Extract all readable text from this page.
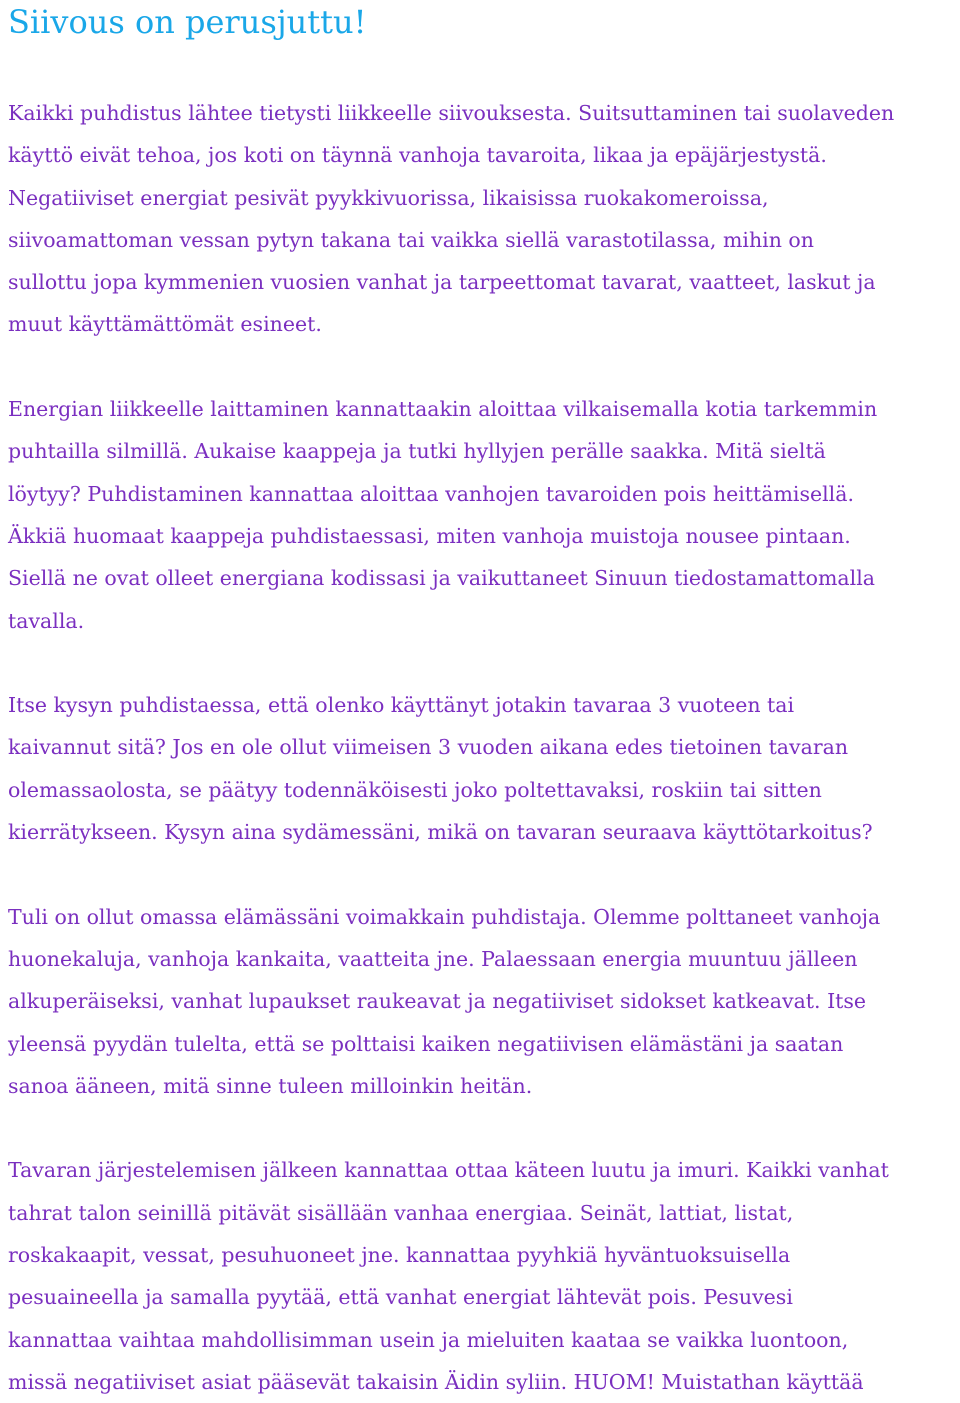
Siivous on perusjuttu!
Kaikki puhdistus lähtee tietysti liikkeelle siivouksesta. Suitsuttaminen tai suolaveden
käyttö eivät tehoa, jos koti on täynnä vanhoja tavaroita, likaa ja epäjärjestystä.
Negatiiviset energiat pesivät pyykkivuorissa, likaisissa ruokakomeroissa,
siivoamattoman vessan pytyn takana tai vaikka siellä varastotilassa, mihin on
sullottu jopa kymmenien vuosien vanhat ja tarpeettomat tavarat, vaatteet, laskut ja
muut käyttämättömät esineet.
Energian liikkeelle laittaminen kannattaakin aloittaa vilkaisemalla kotia tarkemmin
puhtailla silmillä. Aukaise kaappeja ja tutki hyllyjen perälle saakka. Mitä sieltä
löytyy? Puhdistaminen kannattaa aloittaa vanhojen tavaroiden pois heittämisellä.
Äkkiä huomaat kaappeja puhdistaessasi, miten vanhoja muistoja nousee pintaan.
Siellä ne ovat olleet energiana kodissasi ja vaikuttaneet Sinuun tiedostamattomalla
tavalla.
Itse kysyn puhdistaessa, että olenko käyttänyt jotakin tavaraa 3 vuoteen tai
kaivannut sitä? Jos en ole ollut viimeisen 3 vuoden aikana edes tietoinen tavaran
olemassaolosta, se päätyy todennäköisesti joko poltettavaksi, roskiin tai sitten
kierrätykseen. Kysyn aina sydämessäni, mikä on tavaran seuraava käyttötarkoitus?
Tuli on ollut omassa elämässäni voimakkain puhdistaja. Olemme polttaneet vanhoja
huonekaluja, vanhoja kankaita, vaatteita jne. Palaessaan energia muuntuu jälleen
alkuperäiseksi, vanhat lupaukset raukeavat ja negatiiviset sidokset katkeavat. Itse
yleensä pyydän tulelta, että se polttaisi kaiken negatiivisen elämästäni ja saatan
sanoa ääneen, mitä sinne tuleen milloinkin heitän.
Tavaran järjestelemisen jälkeen kannattaa ottaa käteen luutu ja imuri. Kaikki vanhat
tahrat talon seinillä pitävät sisällään vanhaa energiaa. Seinät, lattiat, listat,
roskakaapit, vessat, pesuhuoneet jne. kannattaa pyyhkiä hyväntuoksuisella
pesuaineella ja samalla pyytää, että vanhat energiat lähtevät pois. Pesuvesi
kannattaa vaihtaa mahdollisimman usein ja mieluiten kaataa se vaikka luontoon,
missä negatiiviset asiat pääsevät takaisin Äidin syliin. HUOM! Muistathan käyttää
